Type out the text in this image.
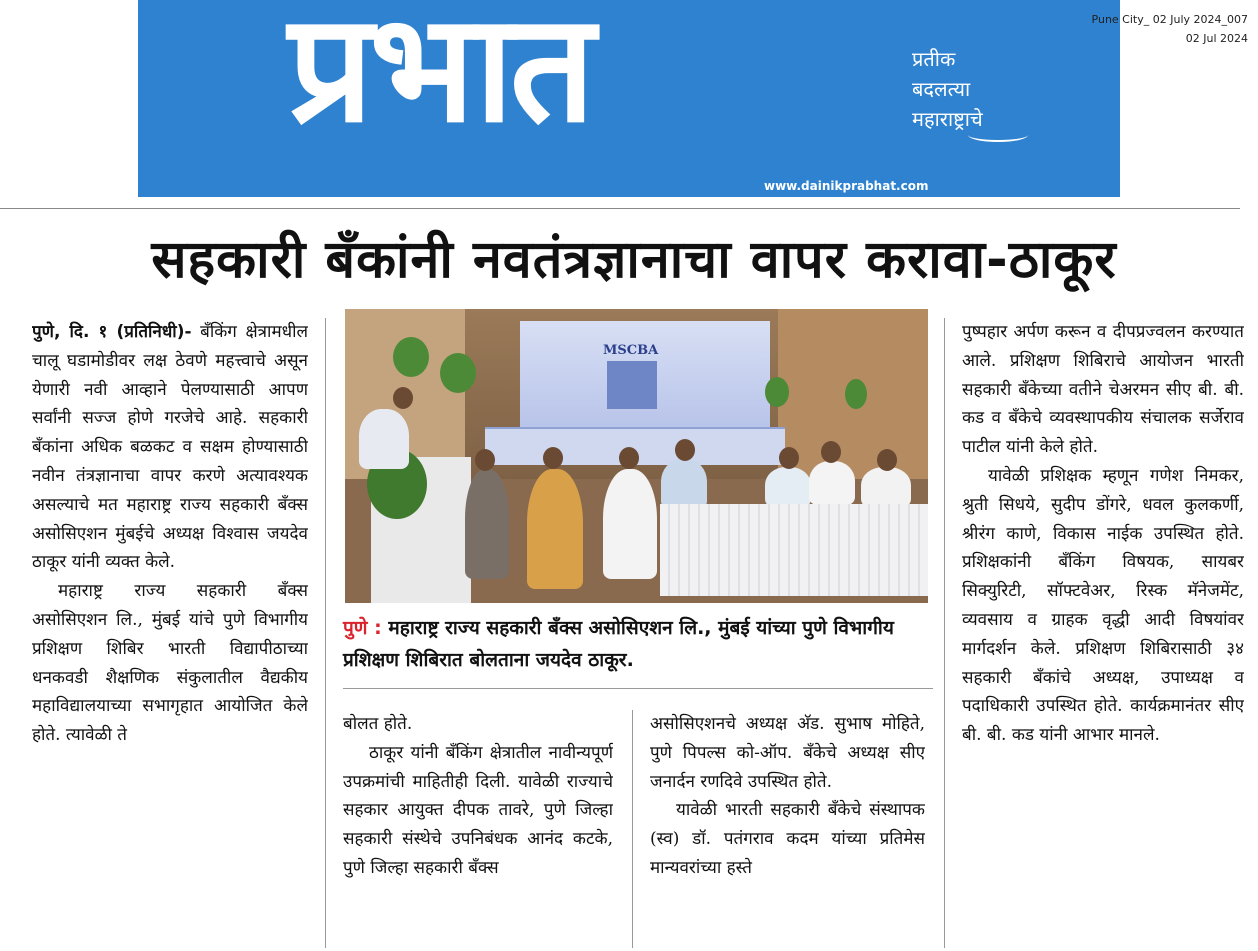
प्रभात	प्रतीक
बदलत्या
महाराष्ट्राचे
www.dainikprabhat.com
Pune City_ 02 July 2024_007
02 Jul 2024
सहकारी बँकांनी नवतंत्रज्ञानाचा वापर करावा-ठाकूर

पुणे, दि. १ (प्रतिनिधी)- बँकिंग क्षेत्रामधील चालू घडामोडीवर लक्ष ठेवणे महत्त्वाचे असून येणारी नवी आव्हाने पेलण्यासाठी आपण सर्वांनी सज्ज होणे गरजेचे आहे. सहकारी बँकांना अधिक बळकट व सक्षम होण्यासाठी नवीन तंत्रज्ञानाचा वापर करणे अत्यावश्यक असल्याचे मत महाराष्ट्र राज्य सहकारी बँक्स असोसिएशन मुंबईचे अध्यक्ष विश्वास जयदेव ठाकूर यांनी व्यक्त केले.

महाराष्ट्र राज्य सहकारी बँक्स असोसिएशन लि., मुंबई यांचे पुणे विभागीय प्रशिक्षण शिबिर भारती विद्यापीठाच्या धनकवडी शैक्षणिक संकुलातील वैद्यकीय महाविद्यालयाच्या सभागृहात आयोजित केले होते. त्यावेळी ते

MSCBA
पुणे : महाराष्ट्र राज्य सहकारी बँक्स असोसिएशन लि., मुंबई यांच्या पुणे विभागीय प्रशिक्षण शिबिरात बोलताना जयदेव ठाकूर.

बोलत होते.

ठाकूर यांनी बँकिंग क्षेत्रातील नावीन्यपूर्ण उपक्रमांची माहितीही दिली. यावेळी राज्याचे सहकार आयुक्त दीपक तावरे, पुणे जिल्हा सहकारी संस्थेचे उपनिबंधक आनंद कटके, पुणे जिल्हा सहकारी बँक्स

असोसिएशनचे अध्यक्ष अ‍ॅड. सुभाष मोहिते, पुणे पिपल्स को-ऑप. बँकेचे अध्यक्ष सीए जनार्दन रणदिवे उपस्थित होते.

यावेळी भारती सहकारी बँकेचे संस्थापक (स्व) डॉ. पतंगराव कदम यांच्या प्रतिमेस मान्यवरांच्या हस्ते

पुष्पहार अर्पण करून व दीपप्रज्वलन करण्यात आले. प्रशिक्षण शिबिराचे आयोजन भारती सहकारी बँकेच्या वतीने चेअरमन सीए बी. बी. कड व बँकेचे व्यवस्थापकीय संचालक सर्जेराव पाटील यांनी केले होते.

यावेळी प्रशिक्षक म्हणून गणेश निमकर, श्रुती सिधये, सुदीप डोंगरे, धवल कुलकर्णी, श्रीरंग काणे, विकास नाईक उपस्थित होते. प्रशिक्षकांनी बँकिंग विषयक, सायबर सिक्युरिटी, सॉफ्टवेअर, रिस्क मॅनेजमेंट, व्यवसाय व ग्राहक वृद्धी आदी विषयांवर मार्गदर्शन केले. प्रशिक्षण शिबिरासाठी ३४ सहकारी बँकांचे अध्यक्ष, उपाध्यक्ष व पदाधिकारी उपस्थित होते. कार्यक्रमानंतर सीए बी. बी. कड यांनी आभार मानले.
